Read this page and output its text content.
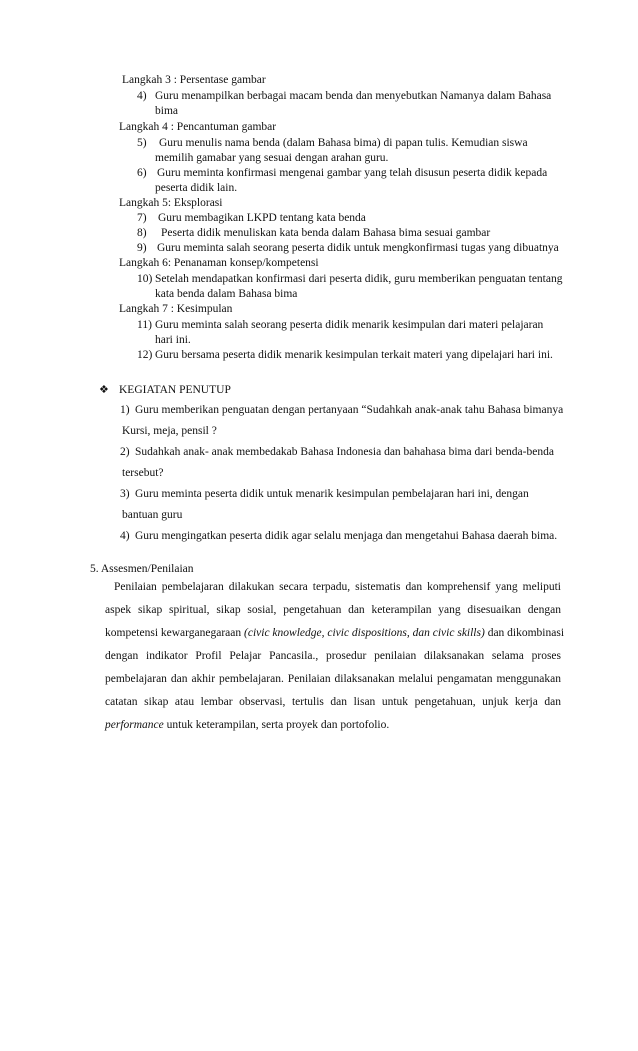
Langkah 3 : Persentase gambar
4) Guru menampilkan berbagai macam benda dan menyebutkan Namanya dalam Bahasa
bima
Langkah 4 : Pencantuman gambar
5) Guru menulis nama benda (dalam Bahasa bima) di papan tulis. Kemudian siswa
memilih gamabar yang sesuai dengan arahan guru.
6) Guru meminta konfirmasi mengenai gambar yang telah disusun peserta didik kepada
peserta didik lain.
Langkah 5: Eksplorasi
7) Guru membagikan LKPD tentang kata benda
8) Peserta didik menuliskan kata benda dalam Bahasa bima sesuai gambar
9) Guru meminta salah seorang peserta didik untuk mengkonfirmasi tugas yang dibuatnya
Langkah 6: Penanaman konsep/kompetensi
10) Setelah mendapatkan konfirmasi dari peserta didik, guru memberikan penguatan tentang
kata benda dalam Bahasa bima
Langkah 7 : Kesimpulan
11) Guru meminta salah seorang peserta didik menarik kesimpulan dari materi pelajaran
hari ini.
12) Guru bersama peserta didik menarik kesimpulan terkait materi yang dipelajari hari ini.
❖ KEGIATAN PENUTUP
1) Guru memberikan penguatan dengan pertanyaan “Sudahkah anak-anak tahu Bahasa bimanya
Kursi, meja, pensil ?
2) Sudahkah anak- anak membedakab Bahasa Indonesia dan bahahasa bima dari benda-benda
tersebut?
3) Guru meminta peserta didik untuk menarik kesimpulan pembelajaran hari ini, dengan
bantuan guru
4) Guru mengingatkan peserta didik agar selalu menjaga dan mengetahui Bahasa daerah bima.
5. Assesmen/Penilaian
Penilaian pembelajaran dilakukan secara terpadu, sistematis dan komprehensif yang meliputi
aspek sikap spiritual, sikap sosial, pengetahuan dan keterampilan yang disesuaikan dengan
kompetensi kewarganegaraan (civic knowledge, civic dispositions, dan civic skills) dan dikombinasi
dengan indikator Profil Pelajar Pancasila., prosedur penilaian dilaksanakan selama proses
pembelajaran dan akhir pembelajaran. Penilaian dilaksanakan melalui pengamatan menggunakan
catatan sikap atau lembar observasi, tertulis dan lisan untuk pengetahuan, unjuk kerja dan
performance untuk keterampilan, serta proyek dan portofolio.
